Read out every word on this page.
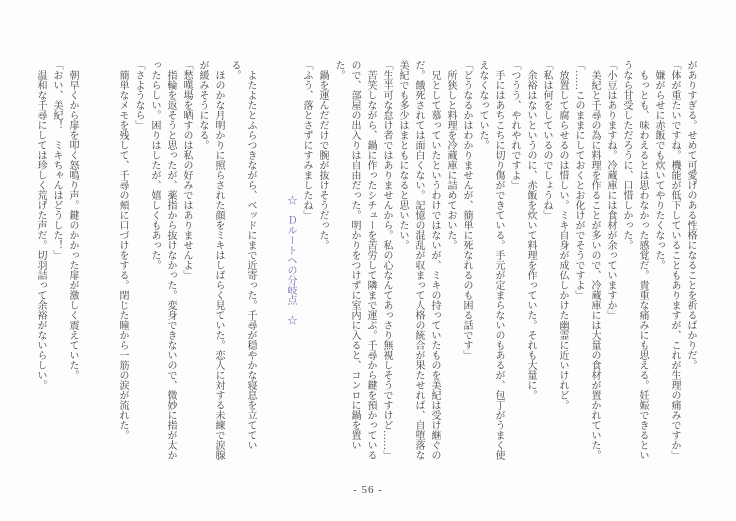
がありすぎる。せめて可愛げのある性格になることを祈るばかりだ。

「体が重たいですね。機能が低下していることもありますが、これが生理の痛みですか」

嫌がらせに赤飯でも炊いてやりたくなった。

もっとも、味わえるとは思わなかった感覚だ。貴重な痛みにも思える。妊娠できるというなら甘受しただろうに、口惜しかった。

「小豆はありますね。冷蔵庫には食材が余っていますか」

美紀と千尋の為に料理を作ることが多いので、冷蔵庫には大量の食材が置かれていた。

「……このままにしておくとお化けがでそうですよ」

放置して腐らせるのは惜しい。ミキ自身が成仏しかけた幽霊に近いけれど。

「私は何をしているのでしょうね」

余裕はないというのに、赤飯を炊いて料理を作っていた。それも大量に。

「つうう、やれやれですよ」

手にはあちこちに切り傷ができている。手元が定まらないのもあるが、包丁がうまく使えなくなっていた。

「どうなるかはわかりませんが、簡単に死なれるのも困る話です」

所狭しと料理を冷蔵庫に詰めておいた。

兄として慕っていたというわけではないが、ミキの持っていたものを美紀は受け継ぐのだ。餓死されては面白くない。記憶の混乱が収まって人格の統合が果たせれば、自堕落な美紀でも多少はまともになると思いたい。

「生半可な怠け者ではありませんから。私の心なんてあっさり無視しそうですけど……」

苦笑しながら、鍋に作ったシチューを苦労して隣まで運ぶ。千尋から鍵を預かっているので、部屋の出入りは自由だった。明かりをつけずに室内に入ると、コンロに鍋を置いた。

鍋を運んだだけで腕が抜けそうだった。

「ふう、落とさずにすみましたね」

☆　Ｄルートへの分岐点　☆

よたよたとふらつきながら、ベッドにまで近寄った。千尋が穏やかな寝息を立てている。

ほのかな月明かりに照らされた顔をミキはしばらく見ていた。恋人に対する未練で涙腺が緩みそうになる。

「愁嘆場を晒すのは私の好みではありませんよ」

指輪を返そうと思ったが、薬指から抜けなかった。変身できないので、微妙に指が太かったらしい。困りはしたが、嬉しくもあった。

「さようなら」

簡単なメモを残して、千尋の頬に口づけをする。閉じた瞳から一筋の涙が流れた。

朝早くから扉を叩く怒鳴り声。鍵のかかった扉が激しく震えていた。

「おい、美紀！　ミキちゃんはどうした！」

温和な千尋にしては珍しく荒げた声だ。切羽詰って余裕がないらしい。

- 56 -
